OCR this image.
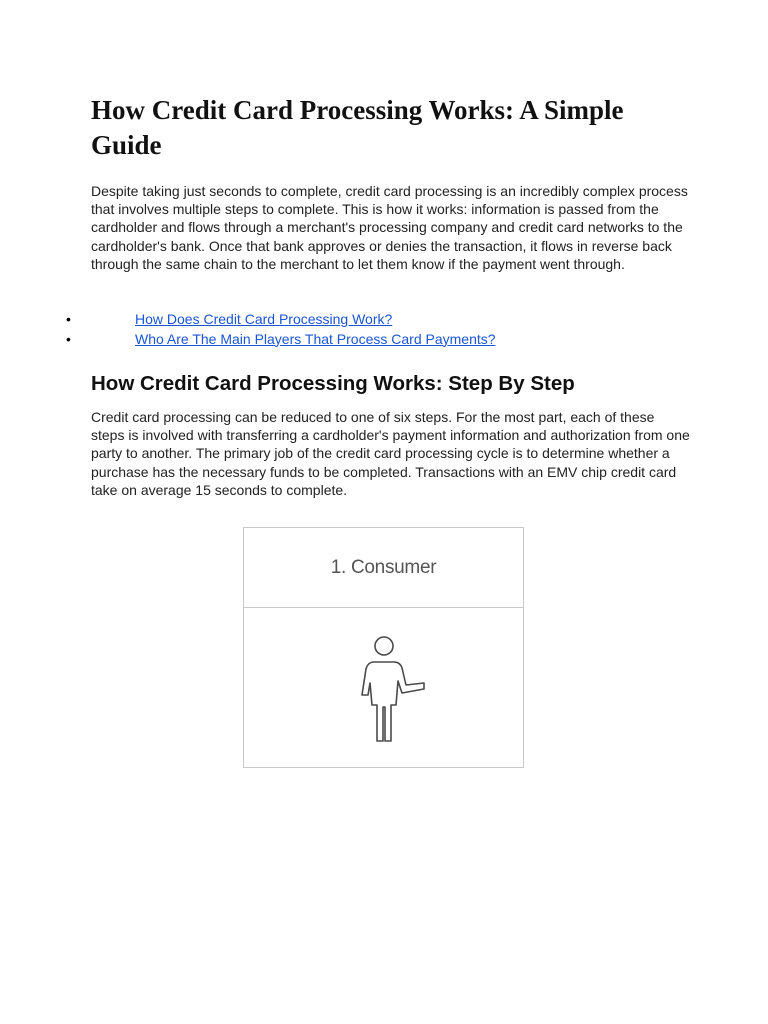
How Credit Card Processing Works: A Simple Guide

Despite taking just seconds to complete, credit card processing is an incredibly complex process that involves multiple steps to complete. This is how it works: information is passed from the cardholder and flows through a merchant's processing company and credit card networks to the cardholder's bank. Once that bank approves or denies the transaction, it flows in reverse back through the same chain to the merchant to let them know if the payment went through.

•	How Does Credit Card Processing Work?
•	Who Are The Main Players That Process Card Payments?
How Credit Card Processing Works: Step By Step

Credit card processing can be reduced to one of six steps. For the most part, each of these steps is involved with transferring a cardholder's payment information and authorization from one party to another. The primary job of the credit card processing cycle is to determine whether a purchase has the necessary funds to be completed. Transactions with an EMV chip credit card take on average 15 seconds to complete.

1. Consumer
